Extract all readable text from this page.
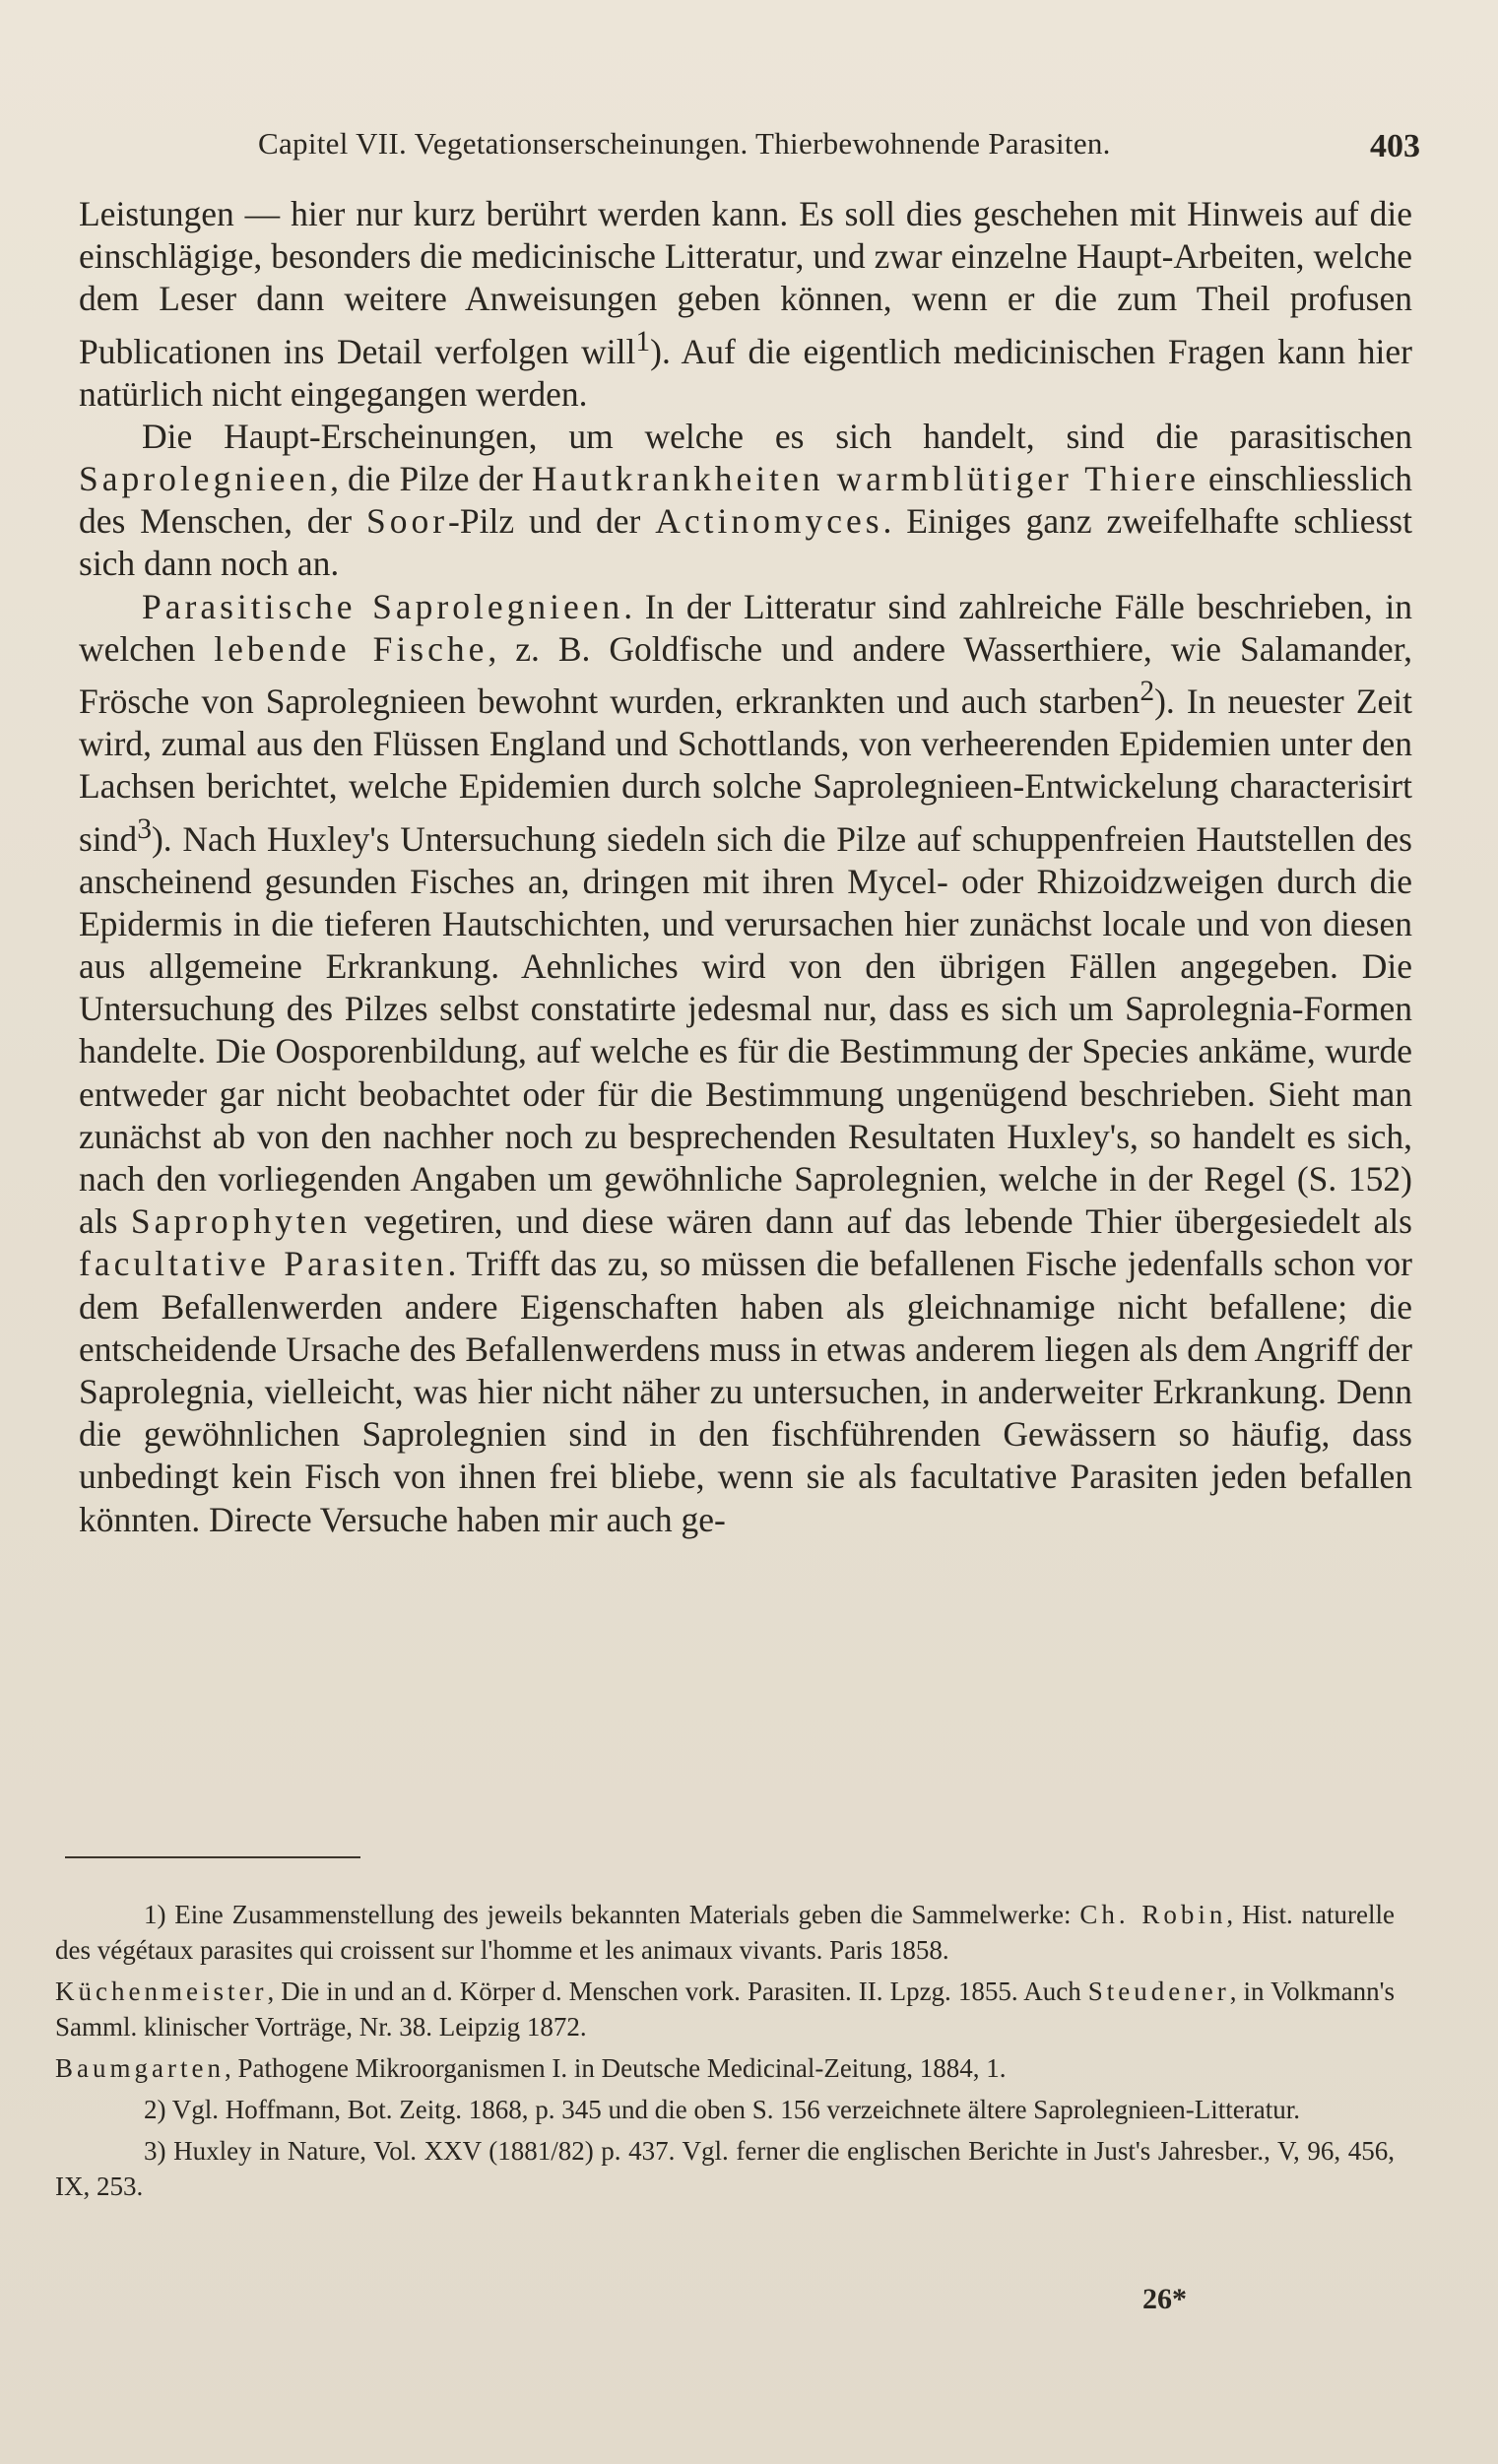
Capitel VII. Vegetationserscheinungen. Thierbewohnende Parasiten.	403

Leistungen — hier nur kurz berührt werden kann. Es soll dies geschehen mit Hinweis auf die einschlägige, besonders die medicinische Litteratur, und zwar einzelne Haupt-Arbeiten, welche dem Leser dann weitere Anweisungen geben können, wenn er die zum Theil profusen Publicationen ins Detail verfolgen will$^1$). Auf die eigentlich medicinischen Fragen kann hier natürlich nicht eingegangen werden.

Die Haupt-Erscheinungen, um welche es sich handelt, sind die parasitischen Saprolegnieen, die Pilze der Hautkrankheiten warmblütiger Thiere einschliesslich des Menschen, der Soor-Pilz und der Actinomyces. Einiges ganz zweifelhafte schliesst sich dann noch an.

Parasitische Saprolegnieen. In der Litteratur sind zahlreiche Fälle beschrieben, in welchen lebende Fische, z. B. Goldfische und andere Wasserthiere, wie Salamander, Frösche von Saprolegnieen bewohnt wurden, erkrankten und auch starben$^2$). In neuester Zeit wird, zumal aus den Flüssen England und Schottlands, von verheerenden Epidemien unter den Lachsen berichtet, welche Epidemien durch solche Saprolegnieen-Entwickelung characterisirt sind$^3$). Nach Huxley's Untersuchung siedeln sich die Pilze auf schuppenfreien Hautstellen des anscheinend gesunden Fisches an, dringen mit ihren Mycel- oder Rhizoidzweigen durch die Epidermis in die tieferen Hautschichten, und verursachen hier zunächst locale und von diesen aus allgemeine Erkrankung. Aehnliches wird von den übrigen Fällen angegeben. Die Untersuchung des Pilzes selbst constatirte jedesmal nur, dass es sich um Saprolegnia-Formen handelte. Die Oosporenbildung, auf welche es für die Bestimmung der Species ankäme, wurde entweder gar nicht beobachtet oder für die Bestimmung ungenügend beschrieben. Sieht man zunächst ab von den nachher noch zu besprechenden Resultaten Huxley's, so handelt es sich, nach den vorliegenden Angaben um gewöhnliche Saprolegnien, welche in der Regel (S. 152) als Saprophyten vegetiren, und diese wären dann auf das lebende Thier übergesiedelt als facultative Parasiten. Trifft das zu, so müssen die befallenen Fische jedenfalls schon vor dem Befallenwerden andere Eigenschaften haben als gleichnamige nicht befallene; die entscheidende Ursache des Befallenwerdens muss in etwas anderem liegen als dem Angriff der Saprolegnia, vielleicht, was hier nicht näher zu untersuchen, in anderweiter Erkrankung. Denn die gewöhnlichen Saprolegnien sind in den fischführenden Gewässern so häufig, dass unbedingt kein Fisch von ihnen frei bliebe, wenn sie als facultative Parasiten jeden befallen könnten. Directe Versuche haben mir auch ge-

1) Eine Zusammenstellung des jeweils bekannten Materials geben die Sammelwerke: Ch. Robin, Hist. naturelle des végétaux parasites qui croissent sur l'homme et les animaux vivants. Paris 1858.

Küchenmeister, Die in und an d. Körper d. Menschen vork. Parasiten. II. Lpzg. 1855. Auch Steudener, in Volkmann's Samml. klinischer Vorträge, Nr. 38. Leipzig 1872.

Baumgarten, Pathogene Mikroorganismen I. in Deutsche Medicinal-Zeitung, 1884, 1.

2) Vgl. Hoffmann, Bot. Zeitg. 1868, p. 345 und die oben S. 156 verzeichnete ältere Saprolegnieen-Litteratur.

3) Huxley in Nature, Vol. XXV (1881/82) p. 437. Vgl. ferner die englischen Berichte in Just's Jahresber., V, 96, 456, IX, 253.

26*
